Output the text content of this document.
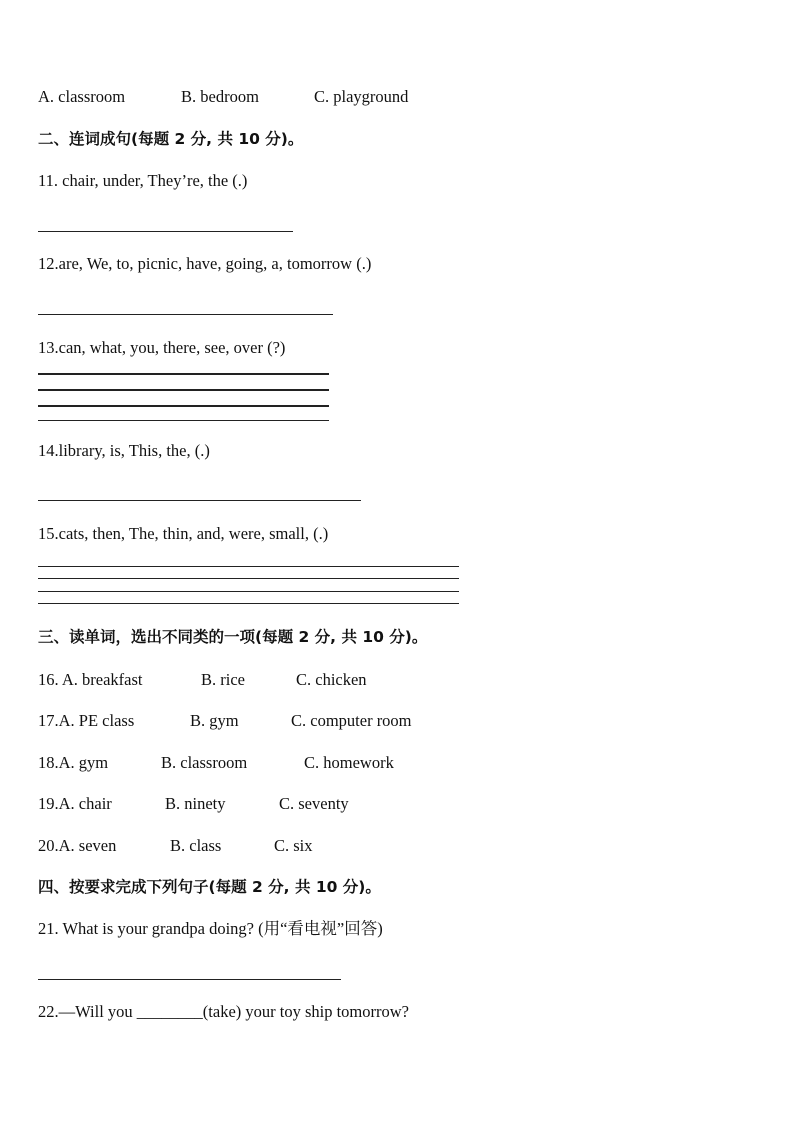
A. classroom

	B. bedroom

	C. playground

二、连词成句(每题 2 分, 共 10 分)。
11. chair, under, They’re, the (.)
12.are, We, to, picnic, have, going, a, tomorrow (.)
13.can, what, you, there, see, over (?)
14.library, is, This, the, (.)
15.cats, then, The, thin, and, were, small, (.)
三、读单词，选出不同类的一项(每题 2 分, 共 10 分)。

16. A. breakfast

	B. rice

	C. chicken

17.A. PE class

	B. gym

	C. computer room

18.A. gym

	B. classroom

	C. homework

19.A. chair

	B. ninety

	C. seventy

20.A. seven

	B. class

	C. six

四、按要求完成下列句子(每题 2 分, 共 10 分)。
21. What is your grandpa doing? (用“看电视”回答)
22.—Will you ________(take) your toy ship tomorrow?
